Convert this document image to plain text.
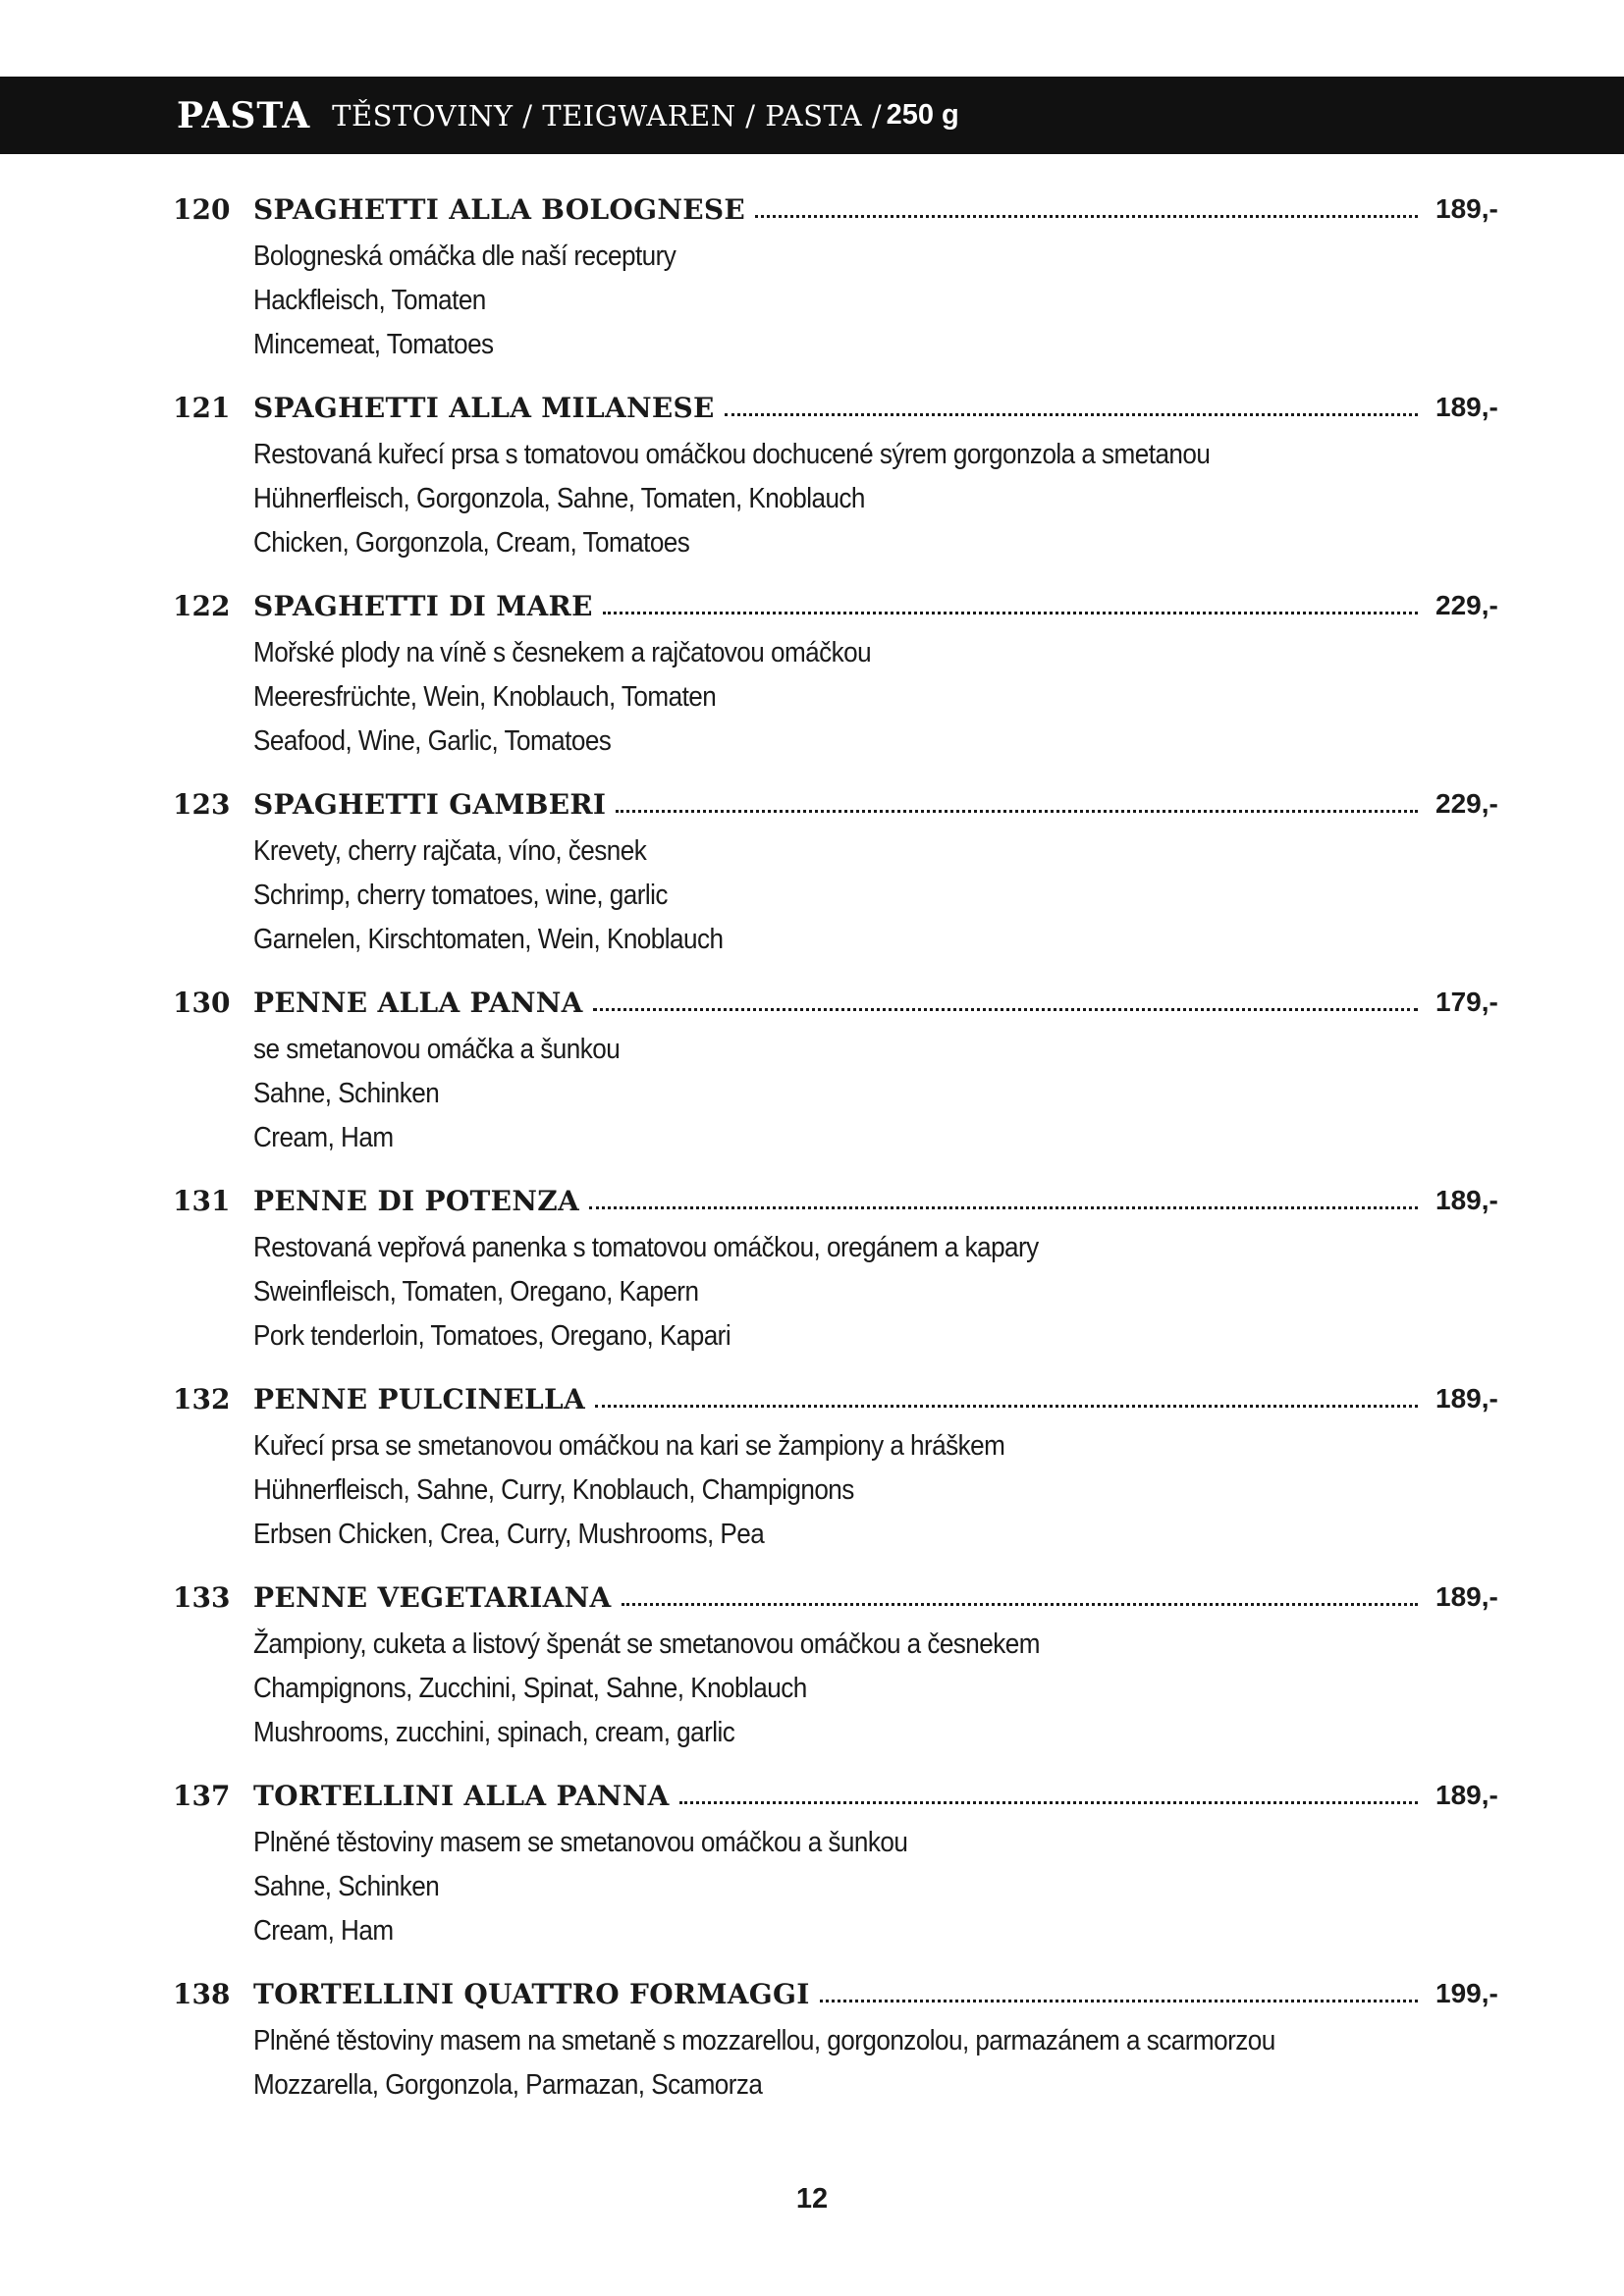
PASTA TĚSTOVINY / TEIGWAREN / PASTA /
250 g
120 SPAGHETTI ALLA BOLOGNESE	189,-
Bologneská omáčka dle naší receptury
Hackfleisch, Tomaten
Mincemeat, Tomatoes
121 SPAGHETTI ALLA MILANESE	189,-
Restovaná kuřecí prsa s tomatovou omáčkou dochucené sýrem gorgonzola a smetanou
Hühnerfleisch, Gorgonzola, Sahne, Tomaten, Knoblauch
Chicken, Gorgonzola, Cream, Tomatoes
122 SPAGHETTI DI MARE	229,-
Mořské plody na víně s česnekem a rajčatovou omáčkou
Meeresfrüchte, Wein, Knoblauch, Tomaten
Seafood, Wine, Garlic, Tomatoes
123 SPAGHETTI GAMBERI	229,-
Krevety, cherry rajčata, víno, česnek
Schrimp, cherry tomatoes, wine, garlic
Garnelen, Kirschtomaten, Wein, Knoblauch
130 PENNE ALLA PANNA	179,-
se smetanovou omáčka a šunkou
Sahne, Schinken
Cream, Ham
131 PENNE DI POTENZA	189,-
Restovaná vepřová panenka s tomatovou omáčkou, oregánem a kapary
Sweinfleisch, Tomaten, Oregano, Kapern
Pork tenderloin, Tomatoes, Oregano, Kapari
132 PENNE PULCINELLA	189,-
Kuřecí prsa se smetanovou omáčkou na kari se žampiony a hráškem
Hühnerfleisch, Sahne, Curry, Knoblauch, Champignons
Erbsen Chicken, Crea, Curry, Mushrooms, Pea
133 PENNE VEGETARIANA	189,-
Žampiony, cuketa a listový špenát se smetanovou omáčkou a česnekem
Champignons, Zucchini, Spinat, Sahne, Knoblauch
Mushrooms, zucchini, spinach, cream, garlic
137 TORTELLINI ALLA PANNA	189,-
Plněné těstoviny masem se smetanovou omáčkou a šunkou
Sahne, Schinken
Cream, Ham
138 TORTELLINI QUATTRO FORMAGGI	199,-
Plněné těstoviny masem na smetaně s mozzarellou, gorgonzolou, parmazánem a scarmorzou
Mozzarella, Gorgonzola, Parmazan, Scamorza
12
